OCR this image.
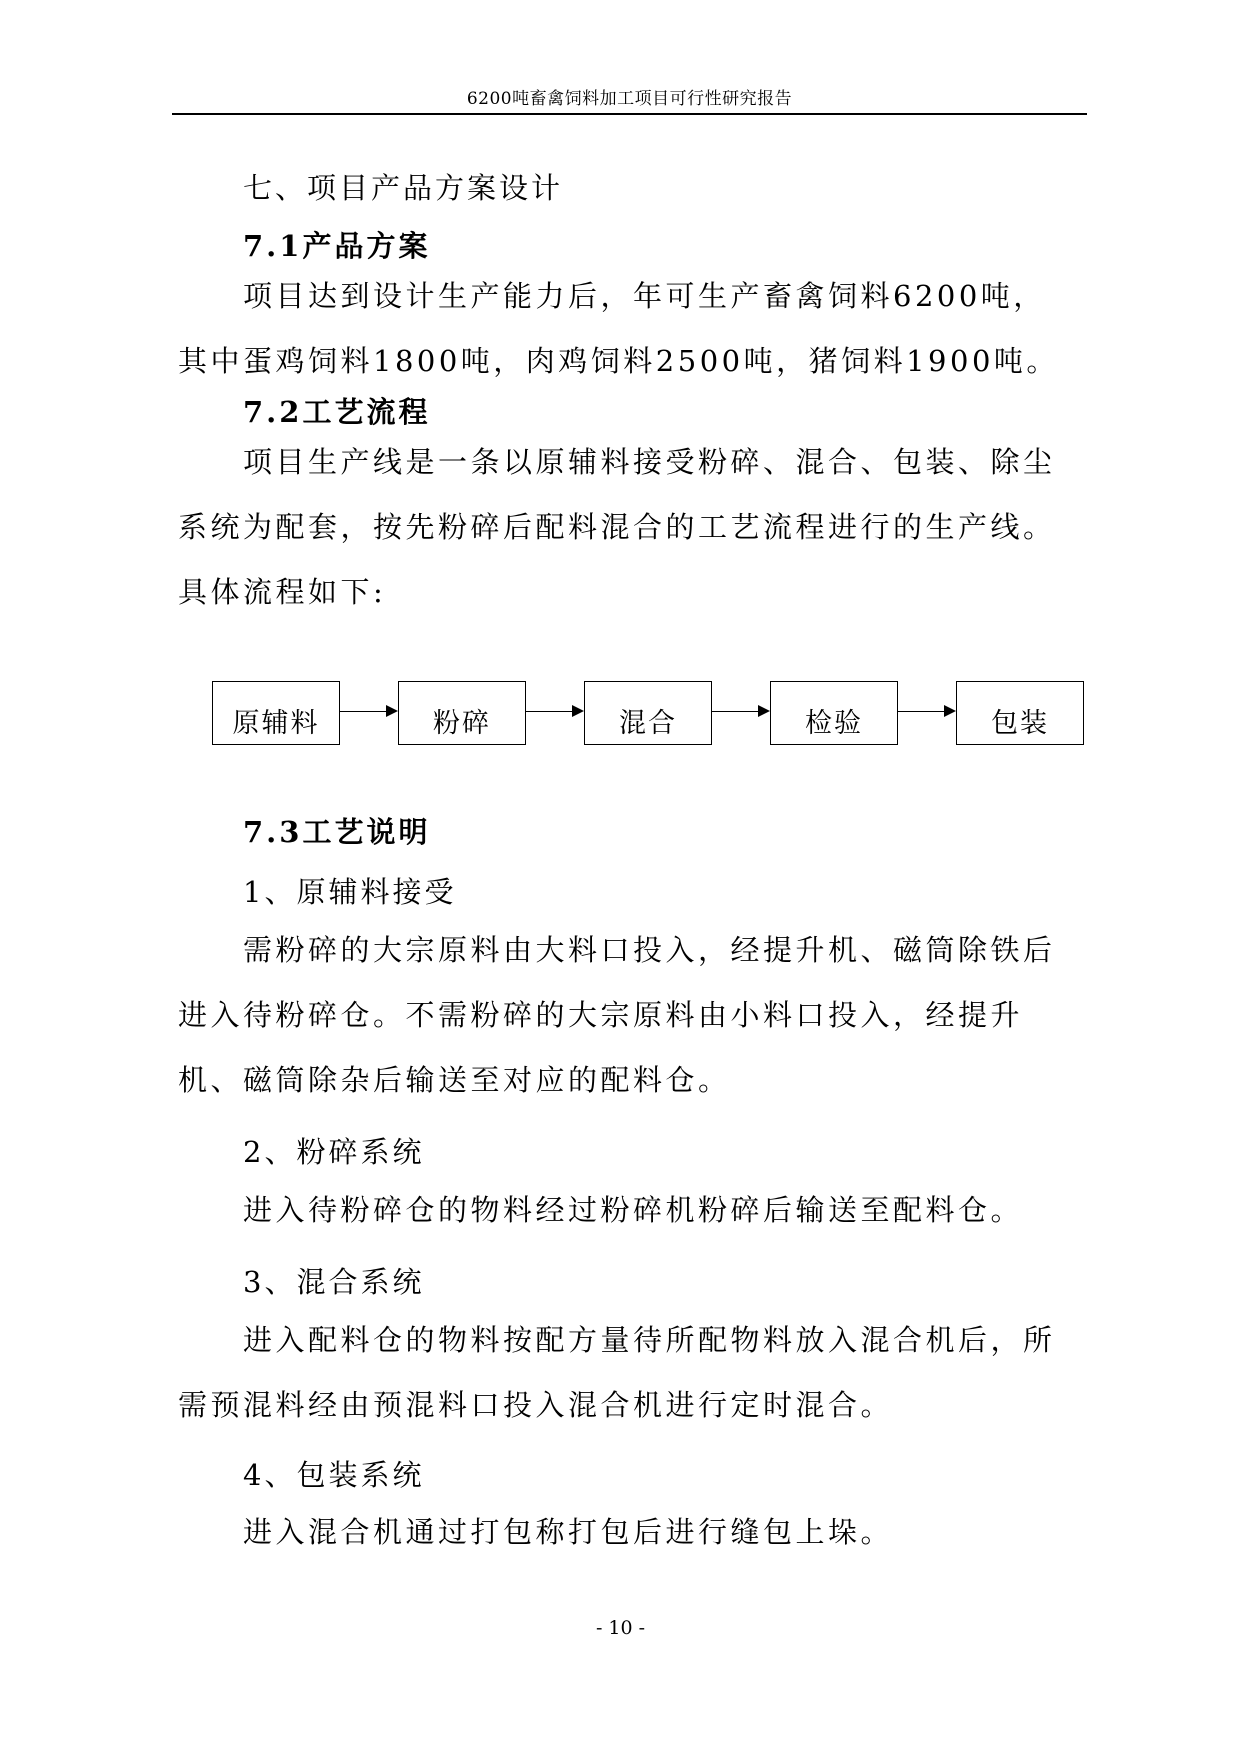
6200吨畜禽饲料加工项目可行性研究报告

七、项目产品方案设计

7.1产品方案

项目达到设计生产能力后，年可生产畜禽饲料6200吨，其中蛋鸡饲料1800吨，肉鸡饲料2500吨，猪饲料1900吨。

7.2工艺流程

项目生产线是一条以原辅料接受粉碎、混合、包装、除尘系统为配套，按先粉碎后配料混合的工艺流程进行的生产线。具体流程如下:

原辅料	粉碎	混合	检验	包装

7.3工艺说明

1、原辅料接受

需粉碎的大宗原料由大料口投入，经提升机、磁筒除铁后进入待粉碎仓。不需粉碎的大宗原料由小料口投入，经提升机、磁筒除杂后输送至对应的配料仓。

2、粉碎系统

进入待粉碎仓的物料经过粉碎机粉碎后输送至配料仓。

3、混合系统

进入配料仓的物料按配方量待所配物料放入混合机后，所需预混料经由预混料口投入混合机进行定时混合。

4、包装系统

进入混合机通过打包称打包后进行缝包上垛。

- 10 -
